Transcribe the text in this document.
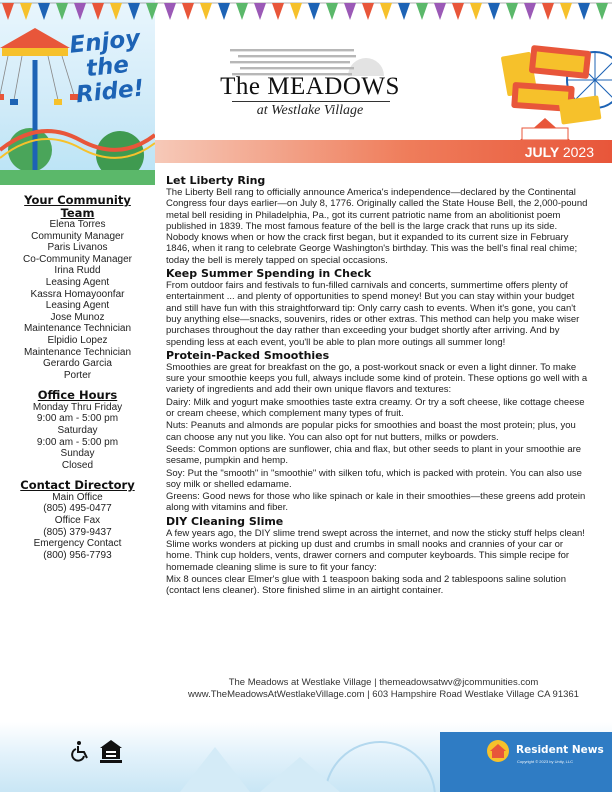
Enjoy
the
Ride!	The MEADOWS
at Westlake Village
JULY 2023
Your Community Team
Elena Torres
Community Manager
Paris Livanos
Co-Community Manager
Irina Rudd
Leasing Agent
Kassra Homayoonfar
Leasing Agent
Jose Munoz
Maintenance Technician
Elpidio Lopez
Maintenance Technician
Gerardo Garcia
Porter
Office Hours
Monday Thru Friday
9:00 am - 5:00 pm
Saturday
9:00 am - 5:00 pm
Sunday
Closed
Contact Directory
Main Office
(805) 495-0477
Office Fax
(805) 379-9437
Emergency Contact
(800) 956-7793
Let Liberty Ring

The Liberty Bell rang to officially announce America's independence—declared by the Continental Congress four days earlier—on July 8, 1776. Originally called the State House Bell, the 2,000-pound metal bell residing in Philadelphia, Pa., got its current patriotic name from an abolitionist poem published in 1839. The most famous feature of the bell is the large crack that runs up its side. Nobody knows when or how the crack first began, but it expanded to its current size in February 1846, when it rang to celebrate George Washington's birthday. This was the bell's final real chime; today the bell is merely tapped on special occasions.

Keep Summer Spending in Check

From outdoor fairs and festivals to fun-filled carnivals and concerts, summertime offers plenty of entertainment ... and plenty of opportunities to spend money! But you can stay within your budget and still have fun with this straightforward tip: Only carry cash to events. When it's gone, you can't buy anything else—snacks, souvenirs, rides or other extras. This method can help you make wiser purchases throughout the day rather than exceeding your budget shortly after arriving. And by spending less at each event, you'll be able to plan more outings all summer long!

Protein-Packed Smoothies

Smoothies are great for breakfast on the go, a post-workout snack or even a light dinner. To make sure your smoothie keeps you full, always include some kind of protein. These options go well with a variety of ingredients and add their own unique flavors and textures:

Dairy: Milk and yogurt make smoothies taste extra creamy. Or try a soft cheese, like cottage cheese or cream cheese, which complement many types of fruit.

Nuts: Peanuts and almonds are popular picks for smoothies and boast the most protein; plus, you can choose any nut you like. You can also opt for nut butters, milks or powders.

Seeds: Common options are sunflower, chia and flax, but other seeds to plant in your smoothie are sesame, pumpkin and hemp.

Soy: Put the "smooth" in "smoothie" with silken tofu, which is packed with protein. You can also use soy milk or shelled edamame.

Greens: Good news for those who like spinach or kale in their smoothies—these greens add protein along with vitamins and fiber.

DIY Cleaning Slime

A few years ago, the DIY slime trend swept across the internet, and now the sticky stuff helps clean! Slime works wonders at picking up dust and crumbs in small nooks and crannies of your car or home. Think cup holders, vents, drawer corners and computer keyboards. This simple recipe for homemade cleaning slime is sure to fit your fancy:

Mix 8 ounces clear Elmer's glue with 1 teaspoon baking soda and 2 tablespoons saline solution (contact lens cleaner). Store finished slime in an airtight container.

The Meadows at Westlake Village | themeadowsatwv@jcommunities.com
www.TheMeadowsAtWestlakeVillage.com | 603 Hampshire Road Westlake Village CA 91361
Resident News
Copyright © 2023 by Unity, LLC
